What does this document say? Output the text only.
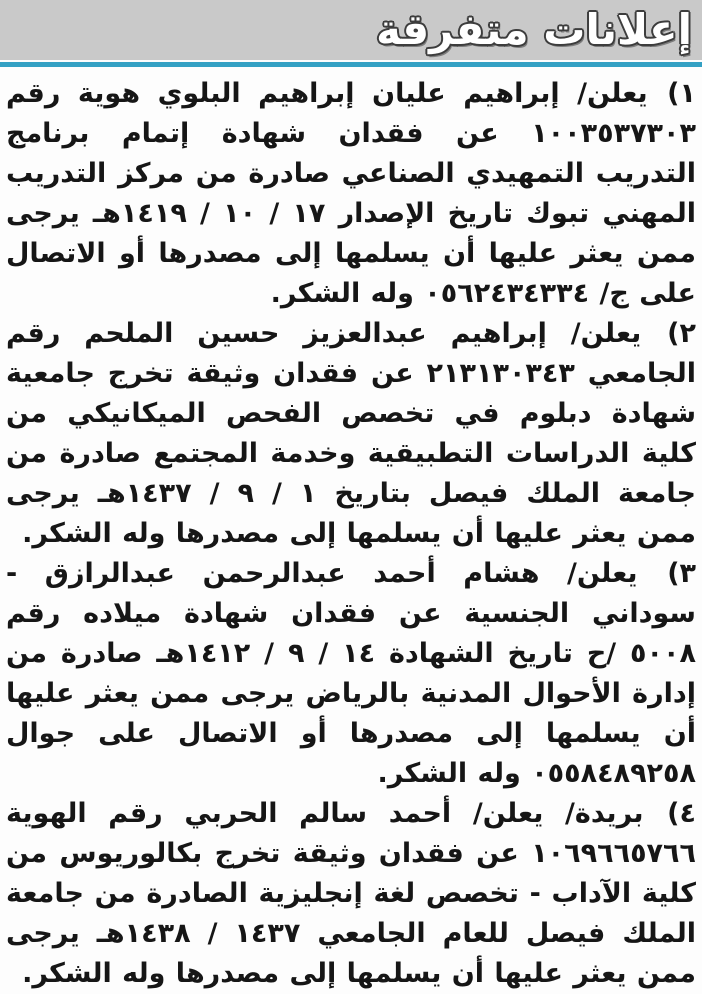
إعلانات متفرقة

١) يعلن/ إبراهيم عليان إبراهيم البلوي هوية رقم ١٠٠٣٥٣٧٣٠٣ عن فقدان شهادة إتمام برنامج التدريب التمهيدي الصناعي صادرة من مركز التدريب المهني تبوك تاريخ الإصدار ١٧ / ١٠ / ١٤١٩هـ يرجى ممن يعثر عليها أن يسلمها إلى مصدرها أو الاتصال على ج/ ٠٥٦٢٤٣٤٣٣٤ وله الشكر.

٢) يعلن/ إبراهيم عبدالعزيز حسين الملحم رقم الجامعي ٢١٣١٣٠٣٤٣ عن فقدان وثيقة تخرج جامعية شهادة دبلوم في تخصص الفحص الميكانيكي من كلية الدراسات التطبيقية وخدمة المجتمع صادرة من جامعة الملك فيصل بتاريخ ١ / ٩ / ١٤٣٧هـ يرجى ممن يعثر عليها أن يسلمها إلى مصدرها وله الشكر.

٣) يعلن/ هشام أحمد عبدالرحمن عبدالرازق - سوداني الجنسية عن فقدان شهادة ميلاده رقم ٥٠٠٨ /ح تاريخ الشهادة ١٤ / ٩ / ١٤١٢هـ صادرة من إدارة الأحوال المدنية بالرياض يرجى ممن يعثر عليها أن يسلمها إلى مصدرها أو الاتصال على جوال ٠٥٥٨٤٨٩٢٥٨ وله الشكر.

٤) بريدة/ يعلن/ أحمد سالم الحربي رقم الهوية ١٠٦٩٦٦٥٧٦٦ عن فقدان وثيقة تخرج بكالوريوس من كلية الآداب - تخصص لغة إنجليزية الصادرة من جامعة الملك فيصل للعام الجامعي ١٤٣٧ / ١٤٣٨هـ يرجى ممن يعثر عليها أن يسلمها إلى مصدرها وله الشكر.
